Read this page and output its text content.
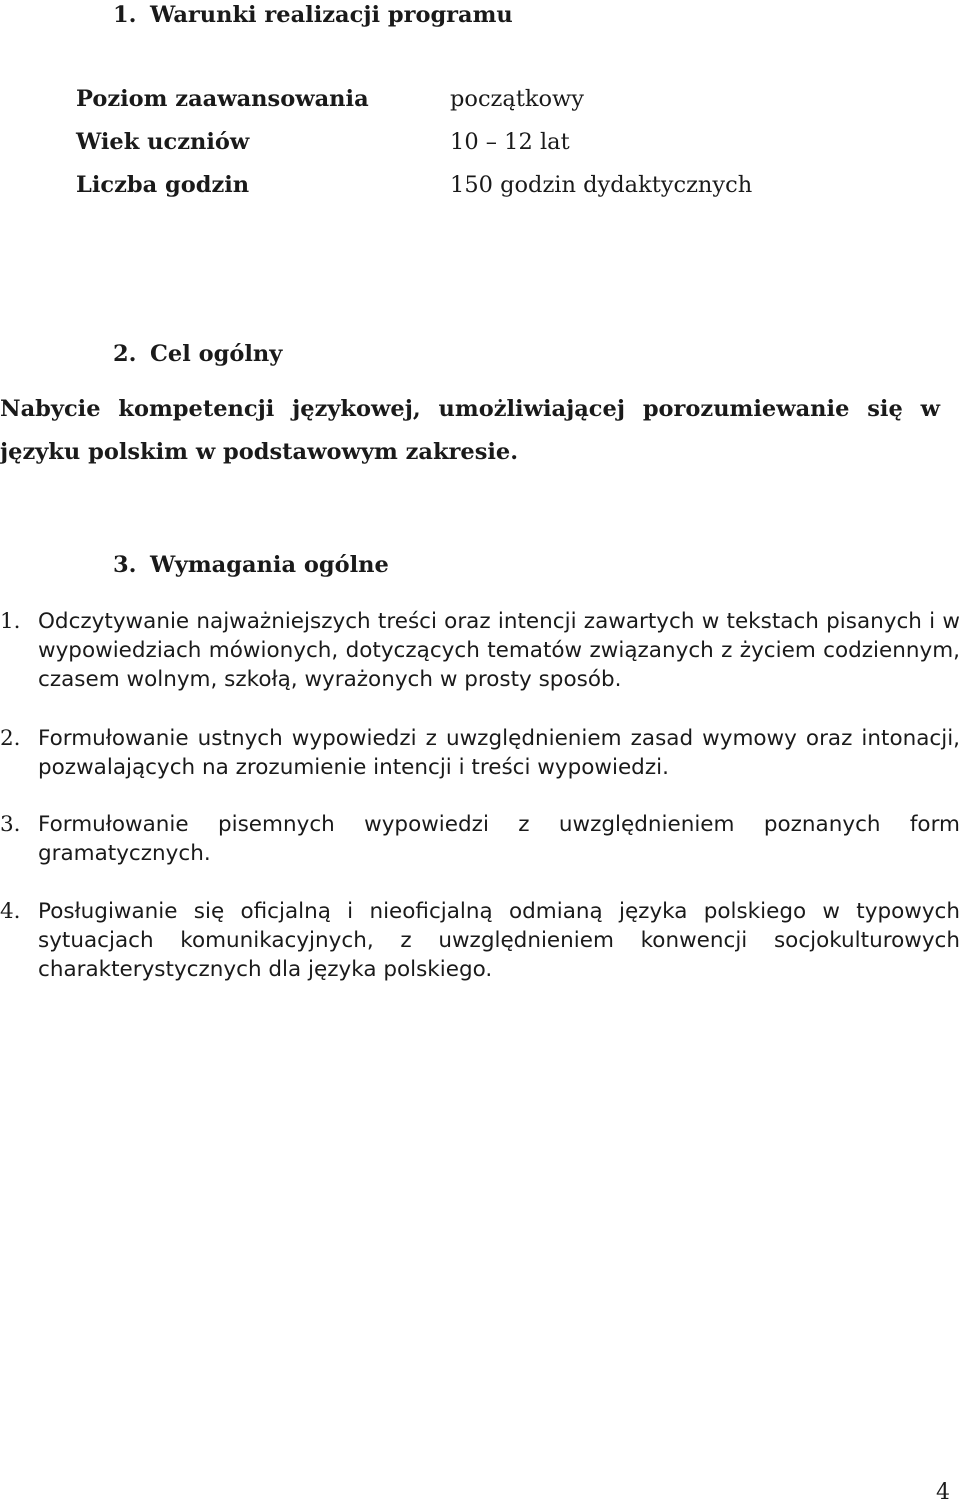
1. Warunki realizacji programu
Poziom zaawansowania	początkowy
Wiek uczniów	10 – 12 lat
Liczba godzin	150 godzin dydaktycznych
2. Cel ogólny

Nabycie kompetencji językowej, umożliwiającej porozumiewanie się w języku polskim w podstawowym zakresie.

3. Wymagania ogólne
1. Odczytywanie najważniejszych treści oraz intencji zawartych w tekstach pisanych i w wypowiedziach mówionych, dotyczących tematów związanych z życiem codziennym, czasem wolnym, szkołą, wyrażonych w prosty sposób.

2. Formułowanie ustnych wypowiedzi z uwzględnieniem zasad wymowy oraz intonacji, pozwalających na zrozumienie intencji i treści wypowiedzi.

3. Formułowanie pisemnych wypowiedzi z uwzględnieniem poznanych form gramatycznych.

4. Posługiwanie się oficjalną i nieoficjalną odmianą języka polskiego w typowych sytuacjach komunikacyjnych, z uwzględnieniem konwencji socjokulturowych charakterystycznych dla języka polskiego.

4
